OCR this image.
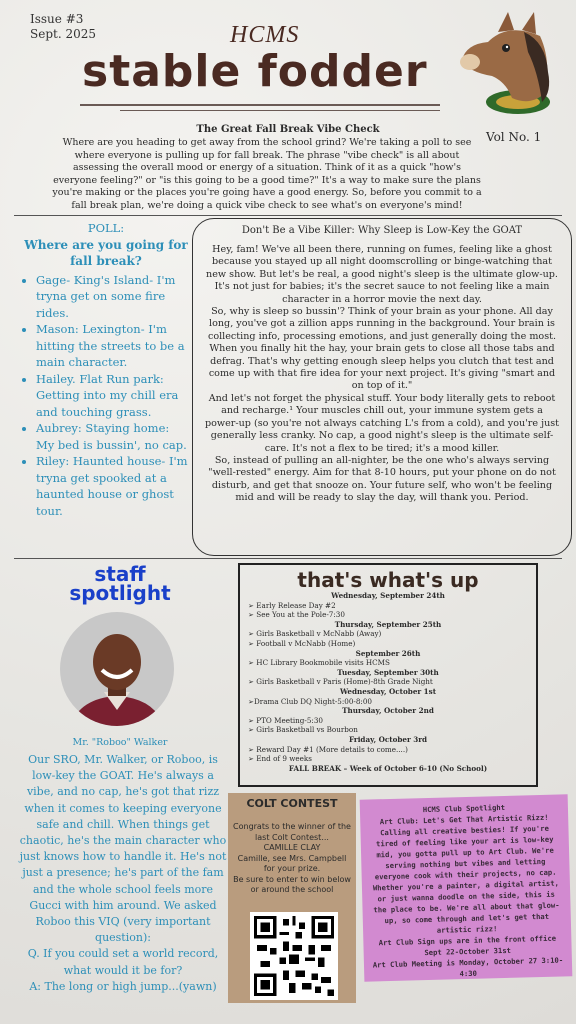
Issue #3
Sept. 2025	HCMS
stable fodder
Vol No. 1
The Great Fall Break Vibe Check
Where are you heading to get away from the school grind? We're taking a poll to see where everyone is pulling up for fall break. The phrase "vibe check" is all about assessing the overall mood or energy of a situation. Think of it as a quick "how's everyone feeling?" or "is this going to be a good time?" It's a way to make sure the plans you're making or the places you're going have a good energy. So, before you commit to a fall break plan, we're doing a quick vibe check to see what's on everyone's mind!
POLL:
Where are you going for fall break?
• Gage- King's Island- I'm tryna get on some fire rides.
• Mason: Lexington- I'm hitting the streets to be a main character.
• Hailey. Flat Run park: Getting into my chill era and touching grass.
• Aubrey: Staying home: My bed is bussin', no cap.
• Riley: Haunted house- I'm tryna get spooked at a haunted house or ghost tour.
Don't Be a Vibe Killer: Why Sleep is Low-Key the GOAT

Hey, fam! We've all been there, running on fumes, feeling like a ghost because you stayed up all night doomscrolling or binge-watching that new show. But let's be real, a good night's sleep is the ultimate glow-up. It's not just for babies; it's the secret sauce to not feeling like a main character in a horror movie the next day.

So, why is sleep so bussin'? Think of your brain as your phone. All day long, you've got a zillion apps running in the background. Your brain is collecting info, processing emotions, and just generally doing the most. When you finally hit the hay, your brain gets to close all those tabs and defrag. That's why getting enough sleep helps you clutch that test and come up with that fire idea for your next project. It's giving "smart and on top of it."

And let's not forget the physical stuff. Your body literally gets to reboot and recharge.¹ Your muscles chill out, your immune system gets a power-up (so you're not always catching L's from a cold), and you're just generally less cranky. No cap, a good night's sleep is the ultimate self-care. It's not a flex to be tired; it's a mood killer.

So, instead of pulling an all-nighter, be the one who's always serving "well-rested" energy. Aim for that 8-10 hours, put your phone on do not disturb, and get that snooze on. Your future self, who won't be feeling mid and will be ready to slay the day, will thank you. Period.

staff
spotlight
Mr. "Roboo" Walker
Our SRO, Mr. Walker, or Roboo, is low-key the GOAT. He's always a vibe, and no cap, he's got that rizz when it comes to keeping everyone safe and chill. When things get chaotic, he's the main character who just knows how to handle it. He's not just a presence; he's part of the fam and the whole school feels more Gucci with him around. We asked Roboo this VIQ (very important question):
Q. If you could set a world record, what would it be for?
A: The long or high jump...(yawn)
that's what's up
Wednesday, September 24th
➢ Early Release Day #2
➢ See You at the Pole-7:30
Thursday, September 25th
➢ Girls Basketball v McNabb (Away)
➢ Football v McNabb (Home)
September 26th
➢ HC Library Bookmobile visits HCMS
Tuesday, September 30th
➢ Girls Basketball v Paris (Home)-8th Grade Night
Wednesday, October 1st
➢Drama Club DQ Night-5:00-8:00
Thursday, October 2nd
➢ PTO Meeting-5:30
➢ Girls Basketball vs Bourbon
Friday, October 3rd
➢ Reward Day #1 (More details to come....)
➢ End of 9 weeks
FALL BREAK – Week of October 6-10 (No School)
COLT CONTEST

Congrats to the winner of the last Colt Contest...

CAMILLE CLAY

Camille, see Mrs. Campbell for your prize.

Be sure to enter to win below or around the school

HCMS Club Spotlight

Art Club: Let's Get That Artistic Rizz!

Calling all creative besties! If you're tired of feeling like your art is low-key mid, you gotta pull up to Art Club. We're serving nothing but vibes and letting everyone cook with their projects, no cap. Whether you're a painter, a digital artist, or just wanna doodle on the side, this is the place to be. We're all about that glow-up, so come through and let's get that artistic rizz!

Art Club Sign ups are in the front office Sept 22-October 31st

Art Club Meeting is Monday, October 27 3:10-4:30
